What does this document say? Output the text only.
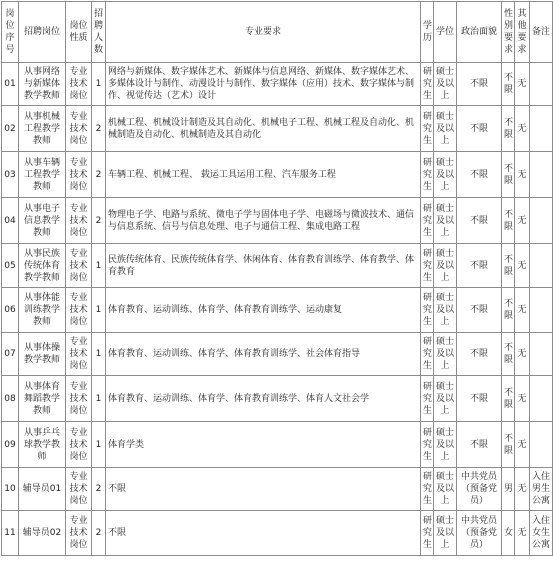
岗位序号	招聘岗位	岗位性质	招聘人数	专业要求	学历	学位	政治面貌	性别要求	其他要求	备注
01	从事网络与新媒体教学教师	专业技术岗位	1	网络与新媒体、数字媒体艺术、新媒体与信息网络、新媒体、数字媒体艺术、多媒体设计与制作、动漫设计与制作、数字媒体（应用）技术、数字媒体与制作、视觉传达（艺术）设计	研究生	硕士及以上	不限	不限	无	
02	从事机械工程教学教师	专业技术岗位	2	机械工程、机械设计制造及其自动化、机械电子工程、机械工程及自动化、机械制造及自动化、机械制造及其自动化	研究生	硕士及以上	不限	不限	无	
03	从事车辆工程教学教师	专业技术岗位	2	车辆工程、机械工程、 载运工具运用工程、汽车服务工程	研究生	硕士及以上	不限	不限	无	
04	从事电子信息教学教师	专业技术岗位	2	物理电子学、电路与系统、微电子学与固体电子学、电磁场与微波技术、通信与信息系统、信号与信息处理、电子与通信工程、集成电路工程	研究生	硕士及以上	不限	不限	无	
05	从事民族传统体育教学教师	专业技术岗位	1	民族传统体育、民族传统体育学、休闲体育、体育教育训练学、体育教学、体育教育	研究生	硕士及以上	不限	不限	无	
06	从事体能训练教学教师	专业技术岗位	1	体育教育、运动训练、体育学、体育教育训练学、运动康复	研究生	硕士及以上	不限	不限	无	
07	从事体操教学教师	专业技术岗位	1	体育教育、运动训练、体育学、体育教育训练学、社会体育指导	研究生	硕士及以上	不限	不限	无	
08	从事体育舞蹈教学教师	专业技术岗位	1	体育教育、运动训练、体育学、体育教育训练学、体育人文社会学	研究生	硕士及以上	不限	不限	无	
09	从事乒乓球教学教师	专业技术岗位	1	体育学类	研究生	硕士及以上	不限	不限	无	
10	辅导员01	专业技术岗位	2	不限	研究生	硕士及以上	中共党员（预备党员）	男	无	入住男生公寓
11	辅导员02	专业技术岗位	2	不限	研究生	硕士及以上	中共党员（预备党员）	女	无	入住女生公寓
